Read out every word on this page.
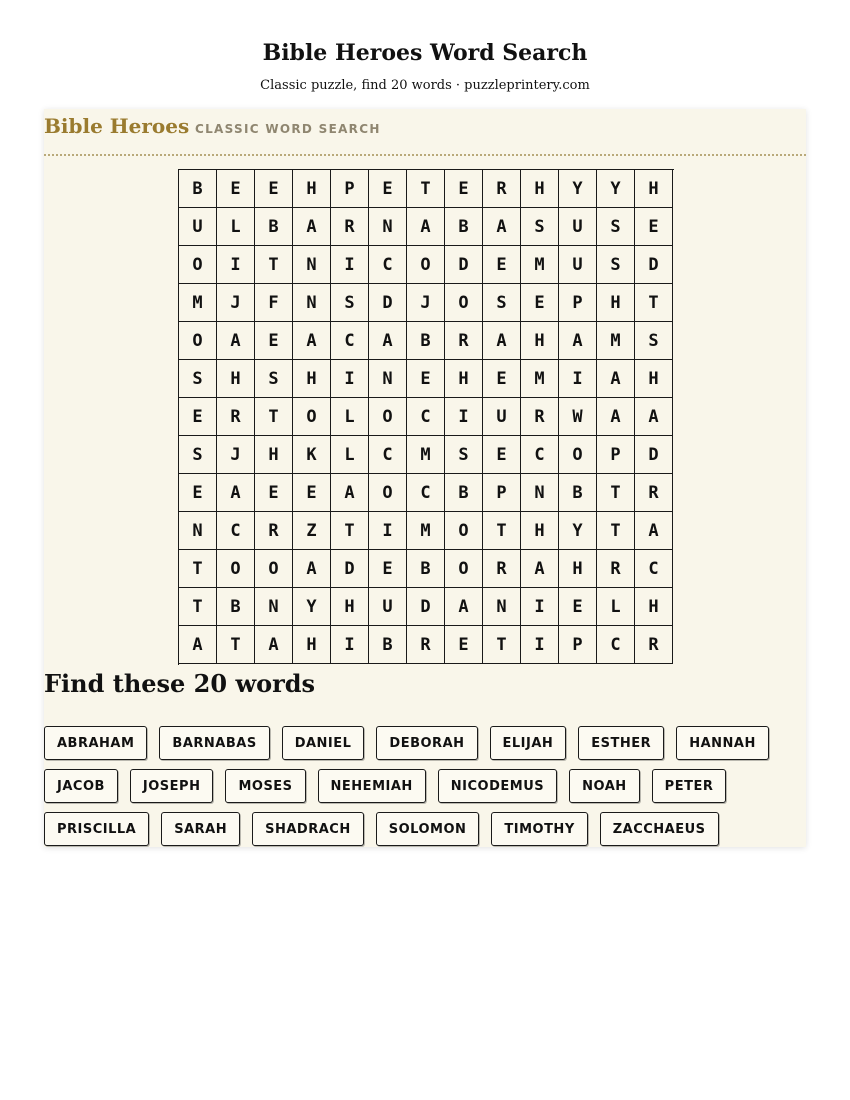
Bible Heroes Word Search
Classic puzzle, find 20 words · puzzleprintery.com
Bible Heroes CLASSIC WORD SEARCH
B	E	E	H	P	E	T	E	R	H	Y	Y	H
U	L	B	A	R	N	A	B	A	S	U	S	E
O	I	T	N	I	C	O	D	E	M	U	S	D
M	J	F	N	S	D	J	O	S	E	P	H	T
O	A	E	A	C	A	B	R	A	H	A	M	S
S	H	S	H	I	N	E	H	E	M	I	A	H
E	R	T	O	L	O	C	I	U	R	W	A	A
S	J	H	K	L	C	M	S	E	C	O	P	D
E	A	E	E	A	O	C	B	P	N	B	T	R
N	C	R	Z	T	I	M	O	T	H	Y	T	A
T	O	O	A	D	E	B	O	R	A	H	R	C
T	B	N	Y	H	U	D	A	N	I	E	L	H
A	T	A	H	I	B	R	E	T	I	P	C	R
Find these 20 words
ABRAHAM	BARNABAS	DANIEL	DEBORAH	ELIJAH	ESTHER	HANNAH
JACOB	JOSEPH	MOSES	NEHEMIAH	NICODEMUS	NOAH	PETER
PRISCILLA	SARAH	SHADRACH	SOLOMON	TIMOTHY	ZACCHAEUS
